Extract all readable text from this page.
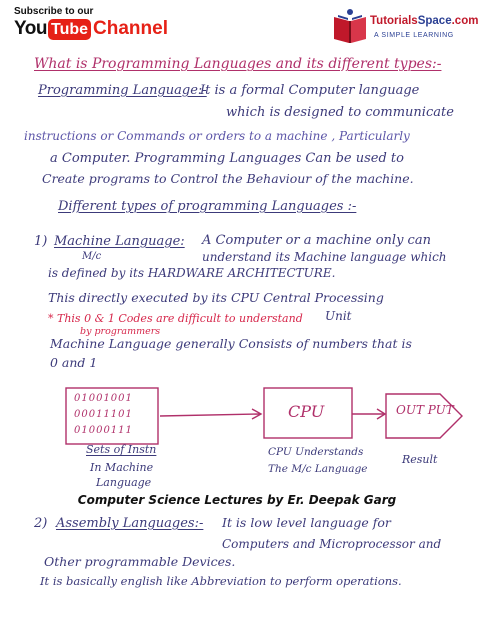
Subscribe to our
You Tube Channel	TutorialsSpace.com
A SIMPLE LEARNING
What is Programming Languages and its different types:-
Programming Language:-
It is a formal Computer language
which is designed to communicate
instructions or Commands or orders to a machine , Particularly
a Computer. Programming Languages Can be used to
Create programs to Control the Behaviour of the machine.
Different types of programming Languages :-
1) Machine Language:
M/c
A Computer or a machine only can
understand its Machine language which
is defined by its HARDWARE ARCHITECTURE.
This directly executed by its CPU Central Processing
Unit
* This 0 & 1 Codes are difficult to understand
by programmers
Machine Language generally Consists of numbers that is
0 and 1
01001001
00011101
01000111
CPU	OUT PUT
Sets of Instn	CPU Understands
The M/c Language
Result
In Machine
Language
Computer Science Lectures by Er. Deepak Garg
2) Assembly Languages:- It is low level language for
Computers and Microprocessor and
Other programmable Devices.
It is basically english like Abbreviation to perform operations.
